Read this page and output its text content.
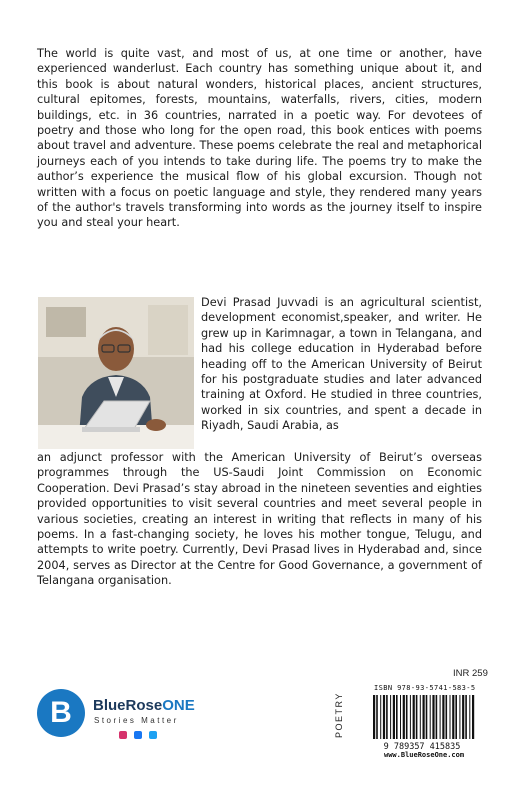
The world is quite vast, and most of us, at one time or another, have experienced wanderlust. Each country has something unique about it, and this book is about natural wonders, historical places, ancient structures, cultural epitomes, forests, mountains, waterfalls, rivers, cities, modern buildings, etc. in 36 countries, narrated in a poetic way. For devotees of poetry and those who long for the open road, this book entices with poems about travel and adventure. These poems celebrate the real and metaphorical journeys each of you intends to take during life. The poems try to make the author’s experience the musical flow of his global excursion. Though not written with a focus on poetic language and style, they rendered many years of the author's travels transforming into words as the journey itself to inspire you and steal your heart.

Devi Prasad Juvvadi is an agricultural scientist, development economist,speaker, and writer. He grew up in Karimnagar, a town in Telangana, and had his college education in Hyderabad before heading off to the American University of Beirut for his postgraduate studies and later advanced training at Oxford. He studied in three countries, worked in six countries, and spent a decade in Riyadh, Saudi Arabia, as

an adjunct professor with the American University of Beirut’s overseas programmes through the US-Saudi Joint Commission on Economic Cooperation. Devi Prasad’s stay abroad in the nineteen seventies and eighties provided opportunities to visit several countries and meet several people in various societies, creating an interest in writing that reflects in many of his poems. In a fast-changing society, he loves his mother tongue, Telugu, and attempts to write poetry. Currently, Devi Prasad lives in Hyderabad and, since 2004, serves as Director at the Centre for Good Governance, a government of Telangana organisation.

B	BlueRoseONE
Stories Matter

INR 259
POETRY
ISBN 978-93-5741-583-5
9 789357 415835
www.BlueRoseOne.com
